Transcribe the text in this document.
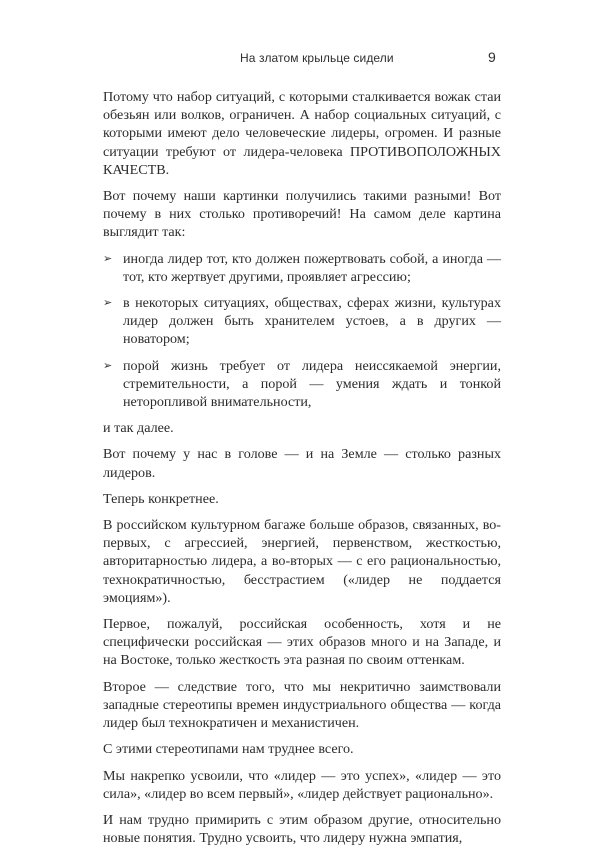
На златом крыльце сидели	9

Потому что набор ситуаций, с которыми сталкивается вожак стаи обезьян или волков, ограничен. А набор социальных ситуаций, с которыми имеют дело человеческие лидеры, огромен. И разные ситуации требуют от лидера-человека ПРОТИВОПОЛОЖНЫХ КАЧЕСТВ.

Вот почему наши картинки получились такими разными! Вот почему в них столько противоречий! На самом деле картина выглядит так:

➢ иногда лидер тот, кто должен пожертвовать собой, а иногда — тот, кто жертвует другими, проявляет агрессию;
➢ в некоторых ситуациях, обществах, сферах жизни, культурах лидер должен быть хранителем устоев, а в других — новатором;
➢ порой жизнь требует от лидера неиссякаемой энергии, стремительности, а порой — умения ждать и тонкой неторопливой внимательности,

и так далее.

Вот почему у нас в голове — и на Земле — столько разных лидеров.

Теперь конкретнее.

В российском культурном багаже больше образов, связанных, во-первых, с агрессией, энергией, первенством, жесткостью, авторитарностью лидера, а во-вторых — с его рациональностью, технократичностью, бесстрастием («лидер не поддается эмоциям»).

Первое, пожалуй, российская особенность, хотя и не специфически российская — этих образов много и на Западе, и на Востоке, только жесткость эта разная по своим оттенкам.

Второе — следствие того, что мы некритично заимствовали западные стереотипы времен индустриального общества — когда лидер был технократичен и механистичен.

С этими стереотипами нам труднее всего.

Мы накрепко усвоили, что «лидер — это успех», «лидер — это сила», «лидер во всем первый», «лидер действует рационально».

И нам трудно примирить с этим образом другие, относительно новые понятия. Трудно усвоить, что лидеру нужна эмпатия,
